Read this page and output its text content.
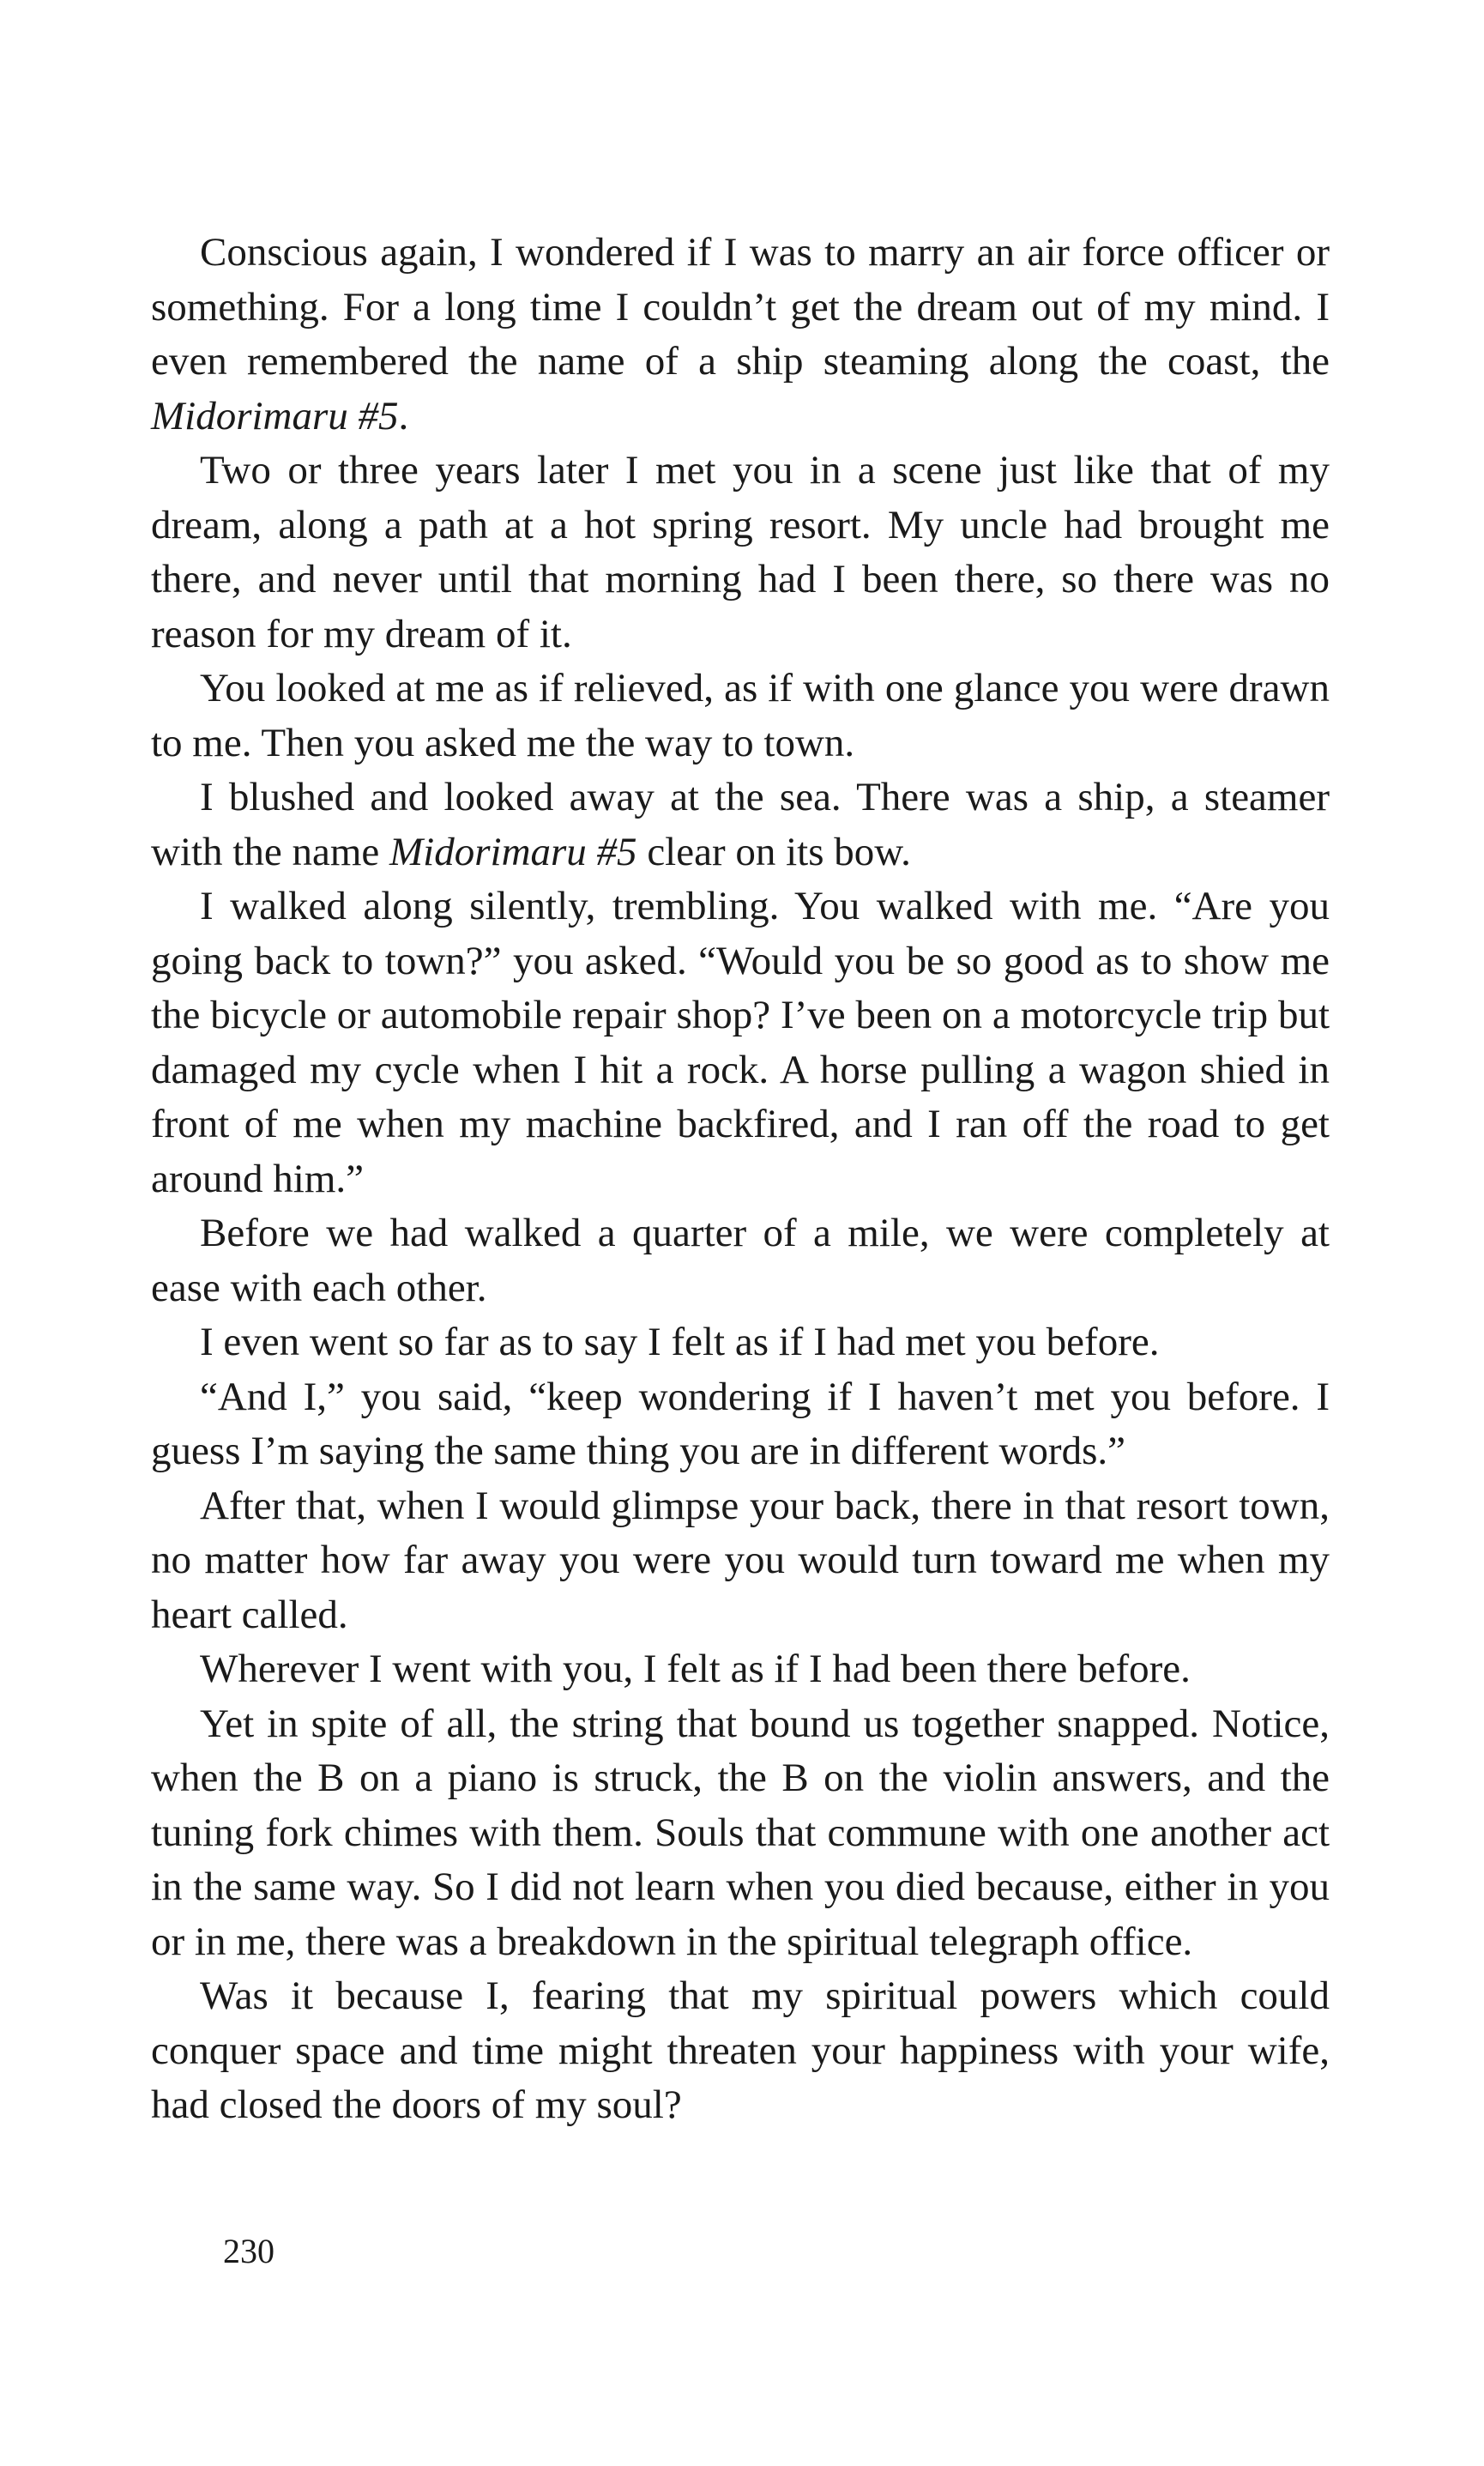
Conscious again, I wondered if I was to marry an air force officer or something. For a long time I couldn’t get the dream out of my mind. I even remembered the name of a ship steaming along the coast, the Midorimaru #5.

Two or three years later I met you in a scene just like that of my dream, along a path at a hot spring resort. My uncle had brought me there, and never until that morning had I been there, so there was no reason for my dream of it.

You looked at me as if relieved, as if with one glance you were drawn to me. Then you asked me the way to town.

I blushed and looked away at the sea. There was a ship, a steamer with the name Midorimaru #5 clear on its bow.

I walked along silently, trembling. You walked with me. “Are you going back to town?” you asked. “Would you be so good as to show me the bicycle or automobile repair shop? I’ve been on a motorcycle trip but damaged my cycle when I hit a rock. A horse pulling a wagon shied in front of me when my machine backfired, and I ran off the road to get around him.”

Before we had walked a quarter of a mile, we were completely at ease with each other.

I even went so far as to say I felt as if I had met you before.

“And I,” you said, “keep wondering if I haven’t met you before. I guess I’m saying the same thing you are in different words.”

After that, when I would glimpse your back, there in that resort town, no matter how far away you were you would turn toward me when my heart called.

Wherever I went with you, I felt as if I had been there before.

Yet in spite of all, the string that bound us together snapped. Notice, when the B on a piano is struck, the B on the violin answers, and the tuning fork chimes with them. Souls that commune with one another act in the same way. So I did not learn when you died because, either in you or in me, there was a breakdown in the spiritual telegraph office.

Was it because I, fearing that my spiritual powers which could conquer space and time might threaten your happiness with your wife, had closed the doors of my soul?

230
